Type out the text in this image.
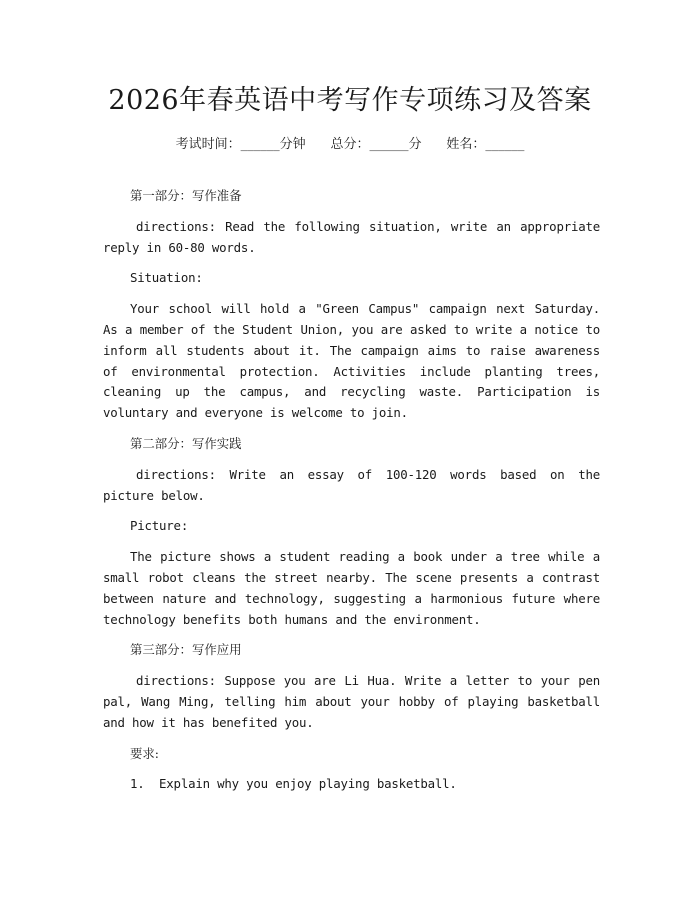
2026年春英语中考写作专项练习及答案
考试时间：______分钟 总分：______分 姓名：______

第一部分：写作准备

directions: Read the following situation, write an appropriate reply in 60-80 words.

Situation:

Your school will hold a "Green Campus" campaign next Saturday. As a member of the Student Union, you are asked to write a notice to inform all students about it. The campaign aims to raise awareness of environmental protection. Activities include planting trees, cleaning up the campus, and recycling waste. Participation is voluntary and everyone is welcome to join.

第二部分：写作实践

directions: Write an essay of 100-120 words based on the picture below.

Picture:

The picture shows a student reading a book under a tree while a small robot cleans the street nearby. The scene presents a contrast between nature and technology, suggesting a harmonious future where technology benefits both humans and the environment.

第三部分：写作应用

directions: Suppose you are Li Hua. Write a letter to your pen pal, Wang Ming, telling him about your hobby of playing basketball and how it has benefited you.

要求:

1.  Explain why you enjoy playing basketball.
